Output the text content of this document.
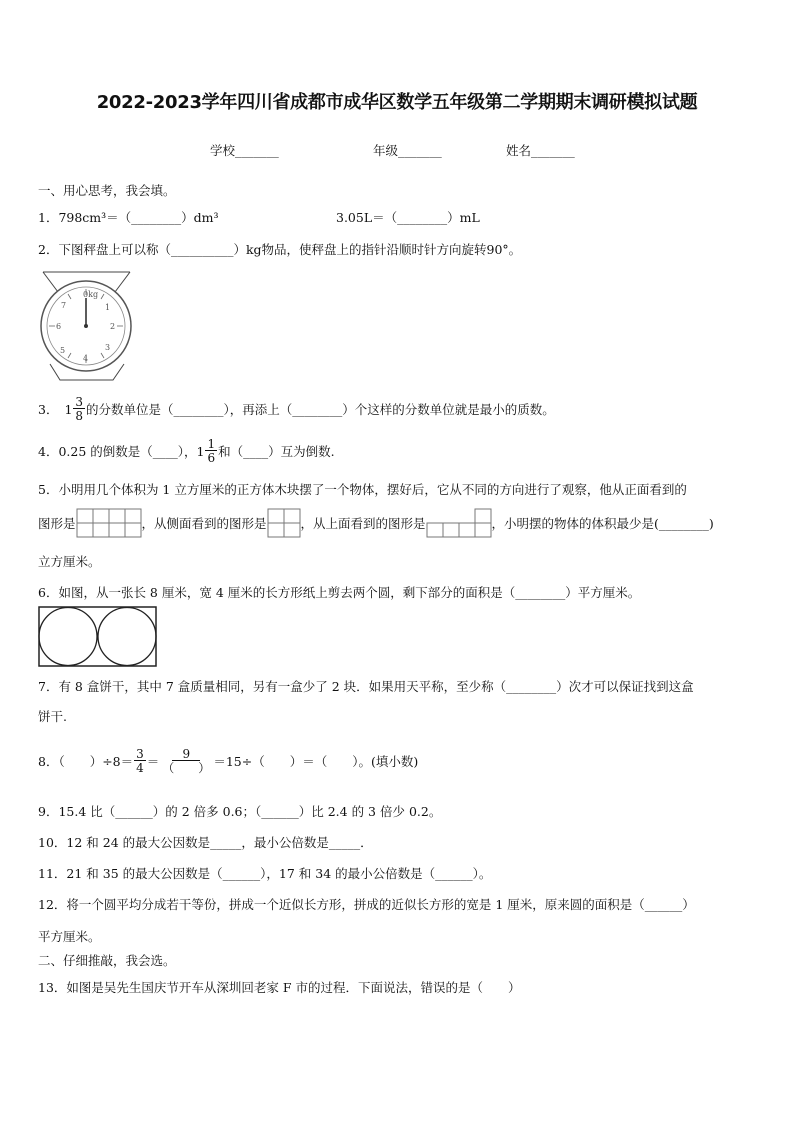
2022-2023学年四川省成都市成华区数学五年级第二学期期末调研模拟试题
学校_______	年级_______	姓名_______
一、用心思考，我会填。
1．798cm³＝（________）dm³	3.05L＝（________）mL
2．下图秤盘上可以称（__________）kg物品，使秤盘上的指针沿顺时针方向旋转90°。
0kg
1
2
3
4
5
6
7
3． $1 \frac{3}{8}$ 的分数单位是（________），再添上（________）个这样的分数单位就是最小的质数。
4．0.25 的倒数是（____）， $1 \frac{1}{6}$ 和（____）互为倒数.
5．小明用几个体积为 1 立方厘米的正方体木块摆了一个物体，摆好后，它从不同的方向进行了观察，他从正面看到的
图形是	，从侧面看到的图形是	，从上面看到的图形是	，小明摆的物体的体积最少是(________)
立方厘米。
6．如图，从一张长 8 厘米，宽 4 厘米的长方形纸上剪去两个圆，剩下部分的面积是（________）平方厘米。
7．有 8 盒饼干，其中 7 盒质量相同，另有一盒少了 2 块．如果用天平称，至少称（________）次才可以保证找到这盒
饼干.
8．（　　）$\div 8= \frac{3}{4} = \frac{9}{( )} =15\div$（　　）＝（　　）。(填小数)
9．15.4 比（______）的 2 倍多 0.6；（______）比 2.4 的 3 倍少 0.2。
10．12 和 24 的最大公因数是_____，最小公倍数是_____．
11．21 和 35 的最大公因数是（______），17 和 34 的最小公倍数是（______）。
12．将一个圆平均分成若干等份，拼成一个近似长方形，拼成的近似长方形的宽是 1 厘米，原来圆的面积是（______）
平方厘米。
二、仔细推敲，我会选。
13．如图是吴先生国庆节开车从深圳回老家 F 市的过程．下面说法，错误的是（　　）
